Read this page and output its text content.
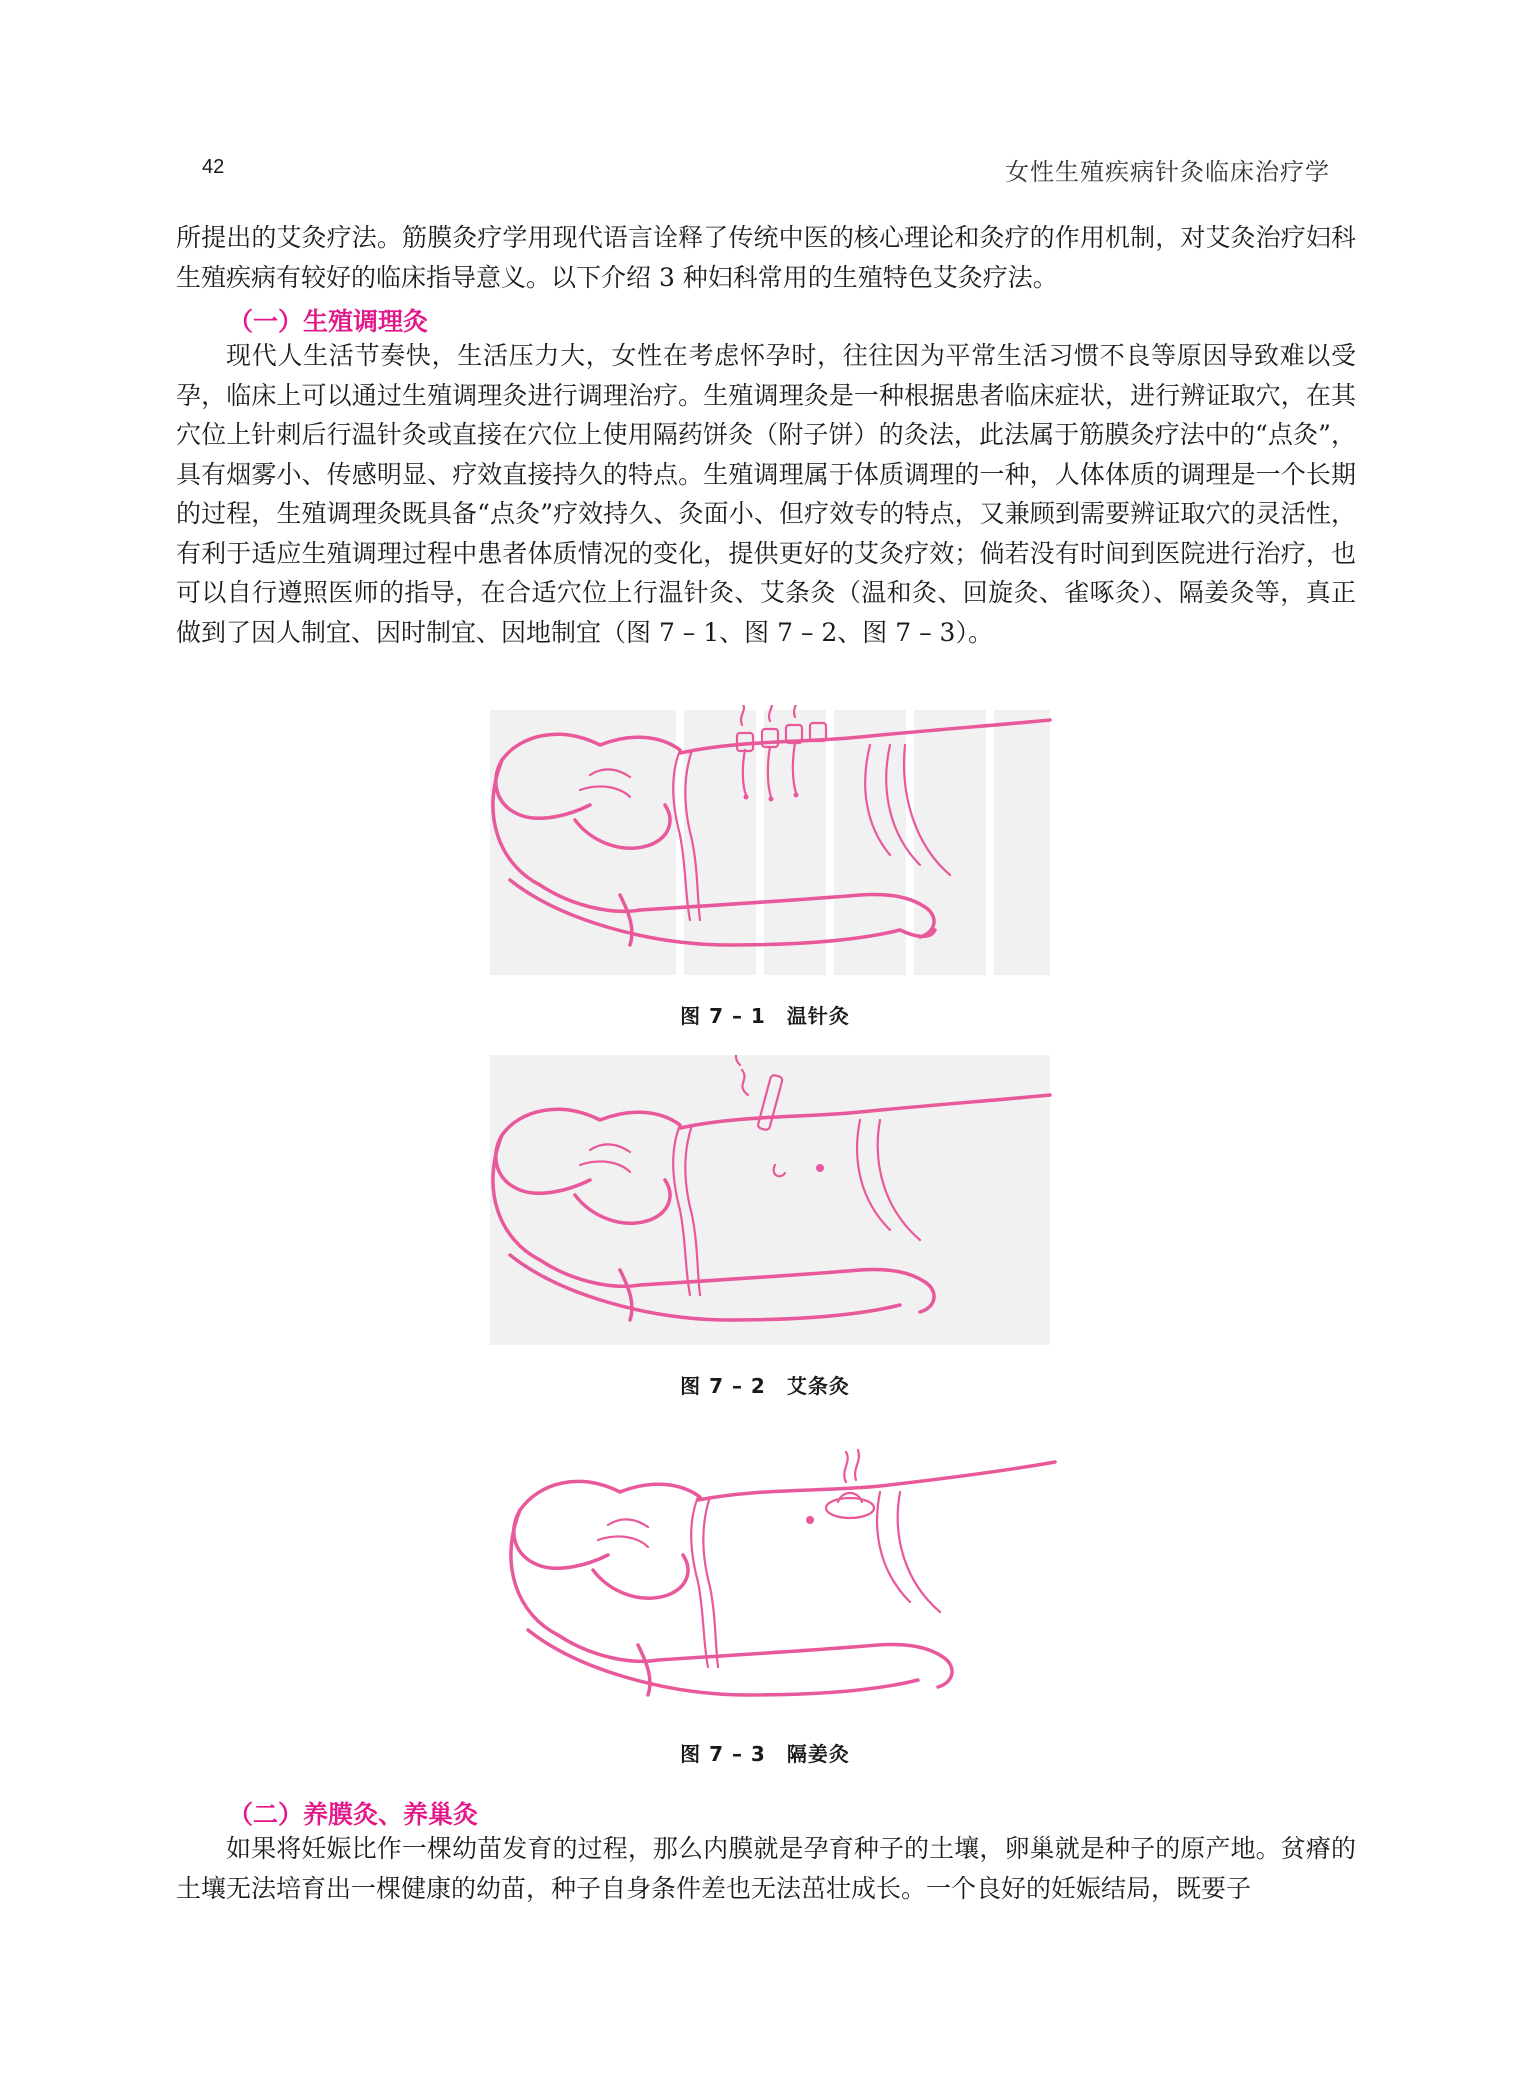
42	女性生殖疾病针灸临床治疗学
所提出的艾灸疗法。筋膜灸疗学用现代语言诠释了传统中医的核心理论和灸疗的作用机制，对艾灸治疗妇科生殖疾病有较好的临床指导意义。以下介绍 3 种妇科常用的生殖特色艾灸疗法。
（一）生殖调理灸
现代人生活节奏快，生活压力大，女性在考虑怀孕时，往往因为平常生活习惯不良等原因导致难以受孕，临床上可以通过生殖调理灸进行调理治疗。生殖调理灸是一种根据患者临床症状，进行辨证取穴，在其穴位上针刺后行温针灸或直接在穴位上使用隔药饼灸（附子饼）的灸法，此法属于筋膜灸疗法中的“点灸”，具有烟雾小、传感明显、疗效直接持久的特点。生殖调理属于体质调理的一种，人体体质的调理是一个长期的过程，生殖调理灸既具备“点灸”疗效持久、灸面小、但疗效专的特点，又兼顾到需要辨证取穴的灵活性，有利于适应生殖调理过程中患者体质情况的变化，提供更好的艾灸疗效；倘若没有时间到医院进行治疗，也可以自行遵照医师的指导，在合适穴位上行温针灸、艾条灸（温和灸、回旋灸、雀啄灸）、隔姜灸等，真正做到了因人制宜、因时制宜、因地制宜（图 7 – 1、图 7 – 2、图 7 – 3）。
图 7 – 1　温针灸
图 7 – 2　艾条灸
图 7 – 3　隔姜灸
（二）养膜灸、养巢灸
如果将妊娠比作一棵幼苗发育的过程，那么内膜就是孕育种子的土壤，卵巢就是种子的原产地。贫瘠的土壤无法培育出一棵健康的幼苗，种子自身条件差也无法茁壮成长。一个良好的妊娠结局，既要子
